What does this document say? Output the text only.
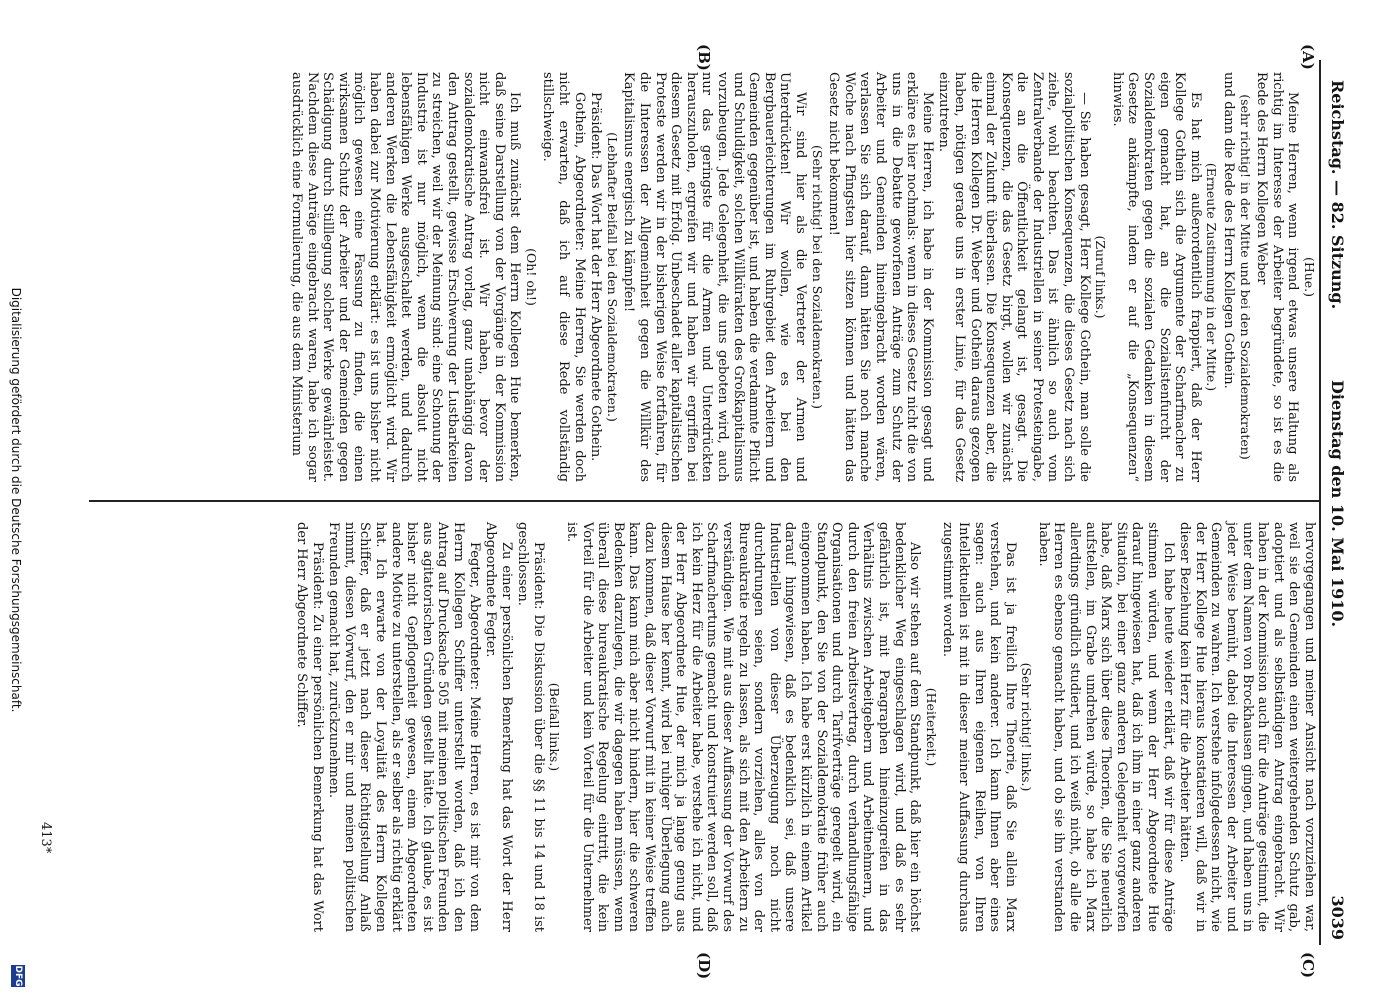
Reichstag. — 82. Sitzung.
Dienstag den 10. Mai 1910.
3039
(A)
(B)
(C)
(D)

(Hue.)

Meine Herren, wenn irgend etwas unsere Haltung als richtig im Interesse der Arbeiter begründete, so ist es die Rede des Herrn Kollegen Weber

(sehr richtig! in der Mitte und bei den Sozialdemokraten)

und dann die Rede des Herrn Kollegen Gothein.

(Erneute Zustimmung in der Mitte.)

Es hat mich außerordentlich frappiert, daß der Herr Kollege Gothein sich die Argumente der Scharfmacher zu eigen gemacht hat, an die Sozialistenfurcht der Sozialdemokraten gegen die sozialen Gedanken in diesem Gesetze ankämpfte, indem er auf die „Konsequenzen“ hinwies.

(Zuruf links.)

— Sie haben gesagt, Herr Kollege Gothein, man solle die sozialpolitischen Konsequenzen, die dieses Gesetz nach sich ziehe, wohl beachten. Das ist ähnlich so auch vom Zentralverbande der Industriellen in seiner Protesteingabe, die an die Öffentlichkeit gelangt ist, gesagt. Die Konsequenzen, die das Gesetz birgt, wollen wir zunächst einmal der Zukunft überlassen. Die Konsequenzen aber, die die Herren Kollegen Dr. Weber und Gothein daraus gezogen haben, nötigen gerade uns in erster Linie, für das Gesetz einzutreten.

Meine Herren, ich habe in der Kommission gesagt und erkläre es hier nochmals: wenn in dieses Gesetz nicht die von uns in die Debatte geworfenen Anträge zum Schutz der Arbeiter und Gemeinden hineingebracht worden wären, verlassen Sie sich darauf, dann hätten Sie noch manche Woche nach Pfingsten hier sitzen können und hätten das Gesetz nicht bekommen!

(Sehr richtig! bei den Sozialdemokraten.)

Wir sind hier als die Vertreter der Armen und Unterdrückten! Wir wollen, wie es bei den Bergbauerleichterungen im Ruhrgebiet den Arbeitern und Gemeinden gegenüber ist, und haben die verdammte Pflicht und Schuldigkeit, solchen Willkürakten des Großkapitalismus vorzubeugen. Jede Gelegenheit, die uns geboten wird, auch nur das geringste für die Armen und Unterdrückten herauszuholen, ergreifen wir und haben wir ergriffen bei diesem Gesetz mit Erfolg. Unbeschadet aller kapitalistischen Proteste werden wir in der bisherigen Weise fortfahren, für die Interessen der Allgemeinheit gegen die Willkür des Kapitalismus energisch zu kämpfen!

(Lebhafter Beifall bei den Sozialdemokraten.)

Präsident: Das Wort hat der Herr Abgeordnete Gothein.

Gothein, Abgeordneter: Meine Herren, Sie werden doch nicht erwarten, daß ich auf diese Rede vollständig stillschweige.

(Oh! oh!)

Ich muß zunächst dem Herrn Kollegen Hue bemerken, daß seine Darstellung von der Vorgänge in der Kommission nicht einwandsfrei ist. Wir haben, bevor der sozialdemokratische Antrag vorlag, ganz unabhängig davon den Antrag gestellt, gewisse Erschwerung der Lustbarkeiten zu streichen, weil wir der Meinung sind: eine Schonung der Industrie ist nur möglich, wenn die absolut nicht lebensfähigen Werke ausgeschaltet werden, und dadurch anderen Werken die Lebensfähigkeit ermöglicht wird. Wir haben dabei zur Motivierung erklärt: es ist uns bisher nicht möglich gewesen eine Fassung zu finden, die einen wirksamen Schutz der Arbeiter und der Gemeinden gegen Schädigung durch Stilllegung solcher Werke gewährleistet. Nachdem diese Anträge eingebracht waren, habe ich sogar ausdrücklich eine Formulierung, die aus dem Ministerium

hervorgegangen und meiner Ansicht nach vorzuziehen war, weil sie den Gemeinden einen weitergehenden Schutz gab, adoptiert und als selbständigen Antrag eingebracht. Wir haben in der Kommission auch für die Anträge gestimmt, die unter dem Namen von Brockhausen gingen, und haben uns in jeder Weise bemüht, dabei die Interessen der Arbeiter und Gemeinden zu wahren. Ich verstehe infolgedessen nicht, wie der Herr Kollege Hue hieraus konstatieren will, daß wir in dieser Beziehung kein Herz für die Arbeiter hätten.

Ich habe heute wieder erklärt, daß wir für diese Anträge stimmen würden, und wenn der Herr Abgeordnete Hue darauf hingewiesen hat, daß ich ihm in einer ganz anderen Situation, bei einer ganz anderen Gelegenheit vorgeworfen habe, daß Marx sich über diese Theorien, die Sie neuerlich aufstellen, im Grabe umdrehen würde, so habe ich Marx allerdings gründlich studiert, und ich weiß nicht, ob alle die Herren es ebenso gemacht haben, und ob sie ihn verstanden haben.

(Sehr richtig! links.)

Das ist ja freilich Ihre Theorie, daß Sie allein Marx verstehen, und kein anderer. Ich kann Ihnen aber eines sagen: auch aus Ihren eigenen Reihen, von Ihren Intellektuellen ist mit in dieser meiner Auffassung durchaus zugestimmt worden.

(Heiterkeit.)

Also wir stehen auf dem Standpunkt, daß hier ein höchst bedenklicher Weg eingeschlagen wird, und daß es sehr gefährlich ist, mit Paragraphen hineinzugreifen in das Verhältnis zwischen Arbeitgebern und Arbeitnehmern, und durch den freien Arbeitsvertrag, durch verhandlungsfähige Organisationen und durch Tarifverträge geregelt wird, ein Standpunkt, den Sie von der Sozialdemokratie früher auch eingenommen haben. Ich habe erst kürzlich in einem Artikel darauf hingewiesen, daß es bedenklich sei, daß unsere Industriellen von dieser Überzeugung noch nicht durchdrungen seien, sondern vorziehen, alles von der Bureaukratie regeln zu lassen, als sich mit den Arbeitern zu verständigen. Wie mit aus dieser Auffassung der Vorwurf des Scharfmachertums gemacht und konstruiert werden soll, daß ich kein Herz für die Arbeiter habe, verstehe ich nicht, und der Herr Abgeordnete Hue, der mich ja lange genug aus diesem Hause her kennt, wird bei ruhiger Überlegung auch dazu kommen, daß dieser Vorwurf mit in keiner Weise treffen kann. Das kann mich aber nicht hindern, hier die schweren Bedenken darzulegen, die wir dagegen haben müssen, wenn überall diese bureaukratische Regelung eintritt, die kein Vorteil für die Arbeiter und kein Vorteil für die Unternehmer ist.

(Beifall links.)

Präsident: Die Diskussion über die §§ 11 bis 14 und 18 ist geschlossen.

Zu einer persönlichen Bemerkung hat das Wort der Herr Abgeordnete Fegter.

Fegter, Abgeordneter: Meine Herren, es ist mir von dem Herrn Kollegen Schiffer unterstellt worden, daß ich den Antrag auf Drucksache 505 mit meinen politischen Freunden aus agitatorischen Gründen gestellt hätte. Ich glaube, es ist bisher nicht Gepflogenheit gewesen, einem Abgeordneten andere Motive zu unterstellen, als er selber als richtig erklärt hat. Ich erwarte von der Loyalität des Herrn Kollegen Schiffer, daß er jetzt nach dieser Richtigstellung Anlaß nimmt, diesen Vorwurf, den er mir und meinen politischen Freunden gemacht hat, zurückzunehmen.

Präsident: Zu einer persönlichen Bemerkung hat das Wort der Herr Abgeordnete Schiffer.

413*
Digitalisierung gefördert durch die Deutsche Forschungsgemeinschaft.
DFG
